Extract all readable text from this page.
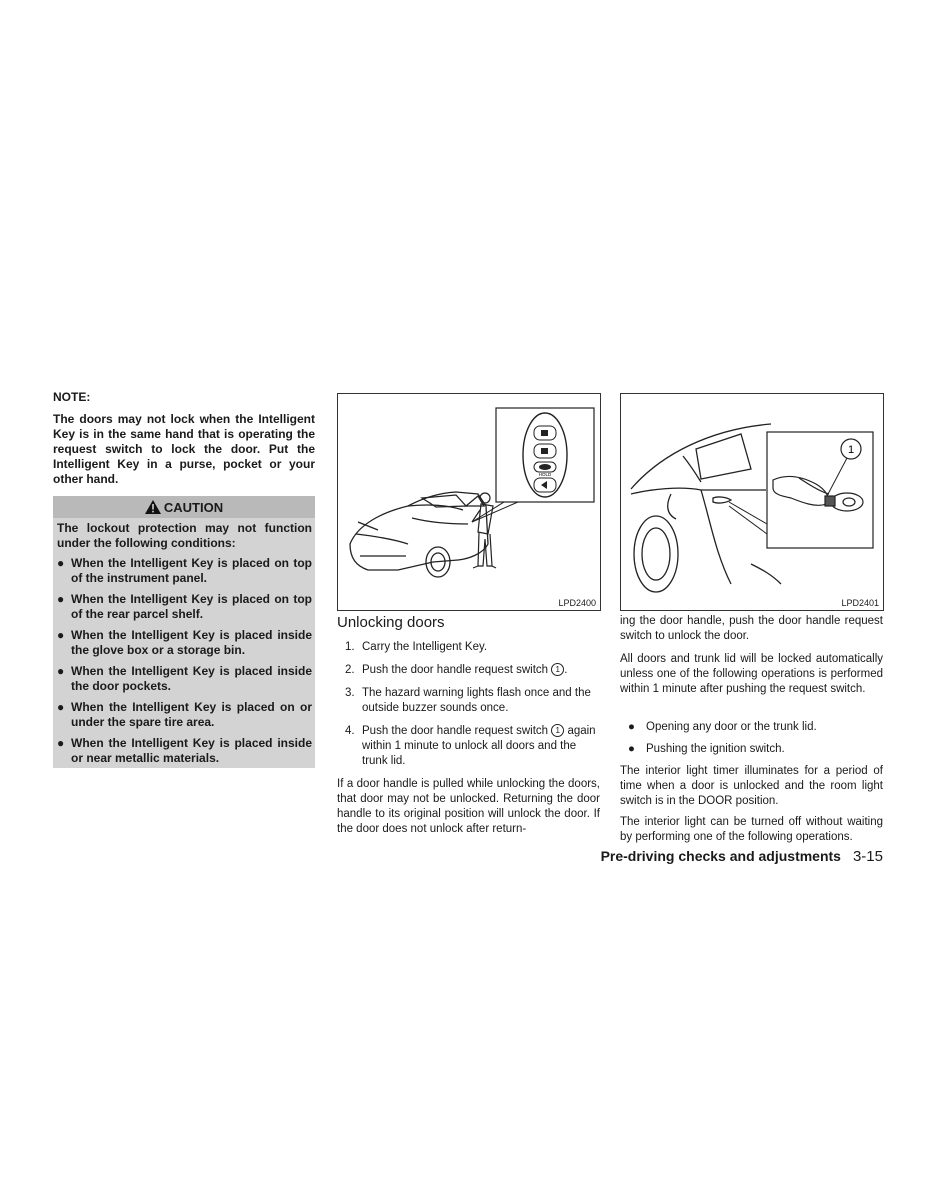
NOTE:
The doors may not lock when the Intelligent Key is in the same hand that is operating the request switch to lock the door. Put the Intelligent Key in a purse, pocket or your other hand.
CAUTION
The lockout protection may not function under the following conditions:
● When the Intelligent Key is placed on top of the instrument panel.
● When the Intelligent Key is placed on top of the rear parcel shelf.
● When the Intelligent Key is placed inside the glove box or a storage bin.
● When the Intelligent Key is placed inside the door pockets.
● When the Intelligent Key is placed on or under the spare tire area.
● When the Intelligent Key is placed inside or near metallic materials.
HOLD
LPD2400
1
LPD2401
Unlocking doors
1. Carry the Intelligent Key.
2. Push the door handle request switch 1 .
3. The hazard warning lights flash once and the outside buzzer sounds once.
4. Push the door handle request switch 1 again within 1 minute to unlock all doors and the trunk lid.
If a door handle is pulled while unlocking the doors, that door may not be unlocked. Returning the door handle to its original position will unlock the door. If the door does not unlock after return-
ing the door handle, push the door handle request switch to unlock the door.
All doors and trunk lid will be locked automatically unless one of the following operations is performed within 1 minute after pushing the request switch.
● Opening any door or the trunk lid.
● Pushing the ignition switch.
The interior light timer illuminates for a period of time when a door is unlocked and the room light switch is in the DOOR position.
The interior light can be turned off without waiting by performing one of the following operations.
Pre-driving checks and adjustments 3-15
